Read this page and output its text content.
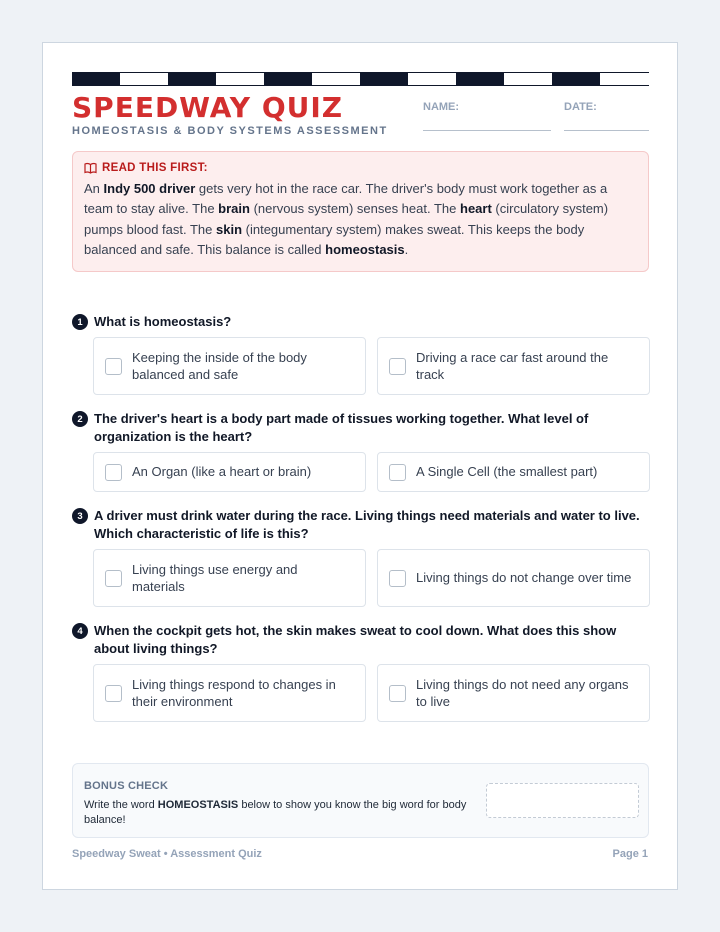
SPEEDWAY QUIZ
HOMEOSTASIS & BODY SYSTEMS ASSESSMENT
NAME:	DATE:
READ THIS FIRST:
An Indy 500 driver gets very hot in the race car. The driver's body must work together as a team to stay alive. The brain (nervous system) senses heat. The heart (circulatory system) pumps blood fast. The skin (integumentary system) makes sweat. This keeps the body balanced and safe. This balance is called homeostasis.
1 What is homeostasis?
Keeping the inside of the body balanced and safe
Driving a race car fast around the track
2 The driver's heart is a body part made of tissues working together. What level of organization is the heart?
An Organ (like a heart or brain)	A Single Cell (the smallest part)
3 A driver must drink water during the race. Living things need materials and water to live. Which characteristic of life is this?
Living things use energy and materials
Living things do not change over time
4 When the cockpit gets hot, the skin makes sweat to cool down. What does this show about living things?
Living things respond to changes in their environment
Living things do not need any organs to live
BONUS CHECK
Write the word HOMEOSTASIS below to show you know the big word for body balance!
Speedway Sweat • Assessment Quiz	Page 1
